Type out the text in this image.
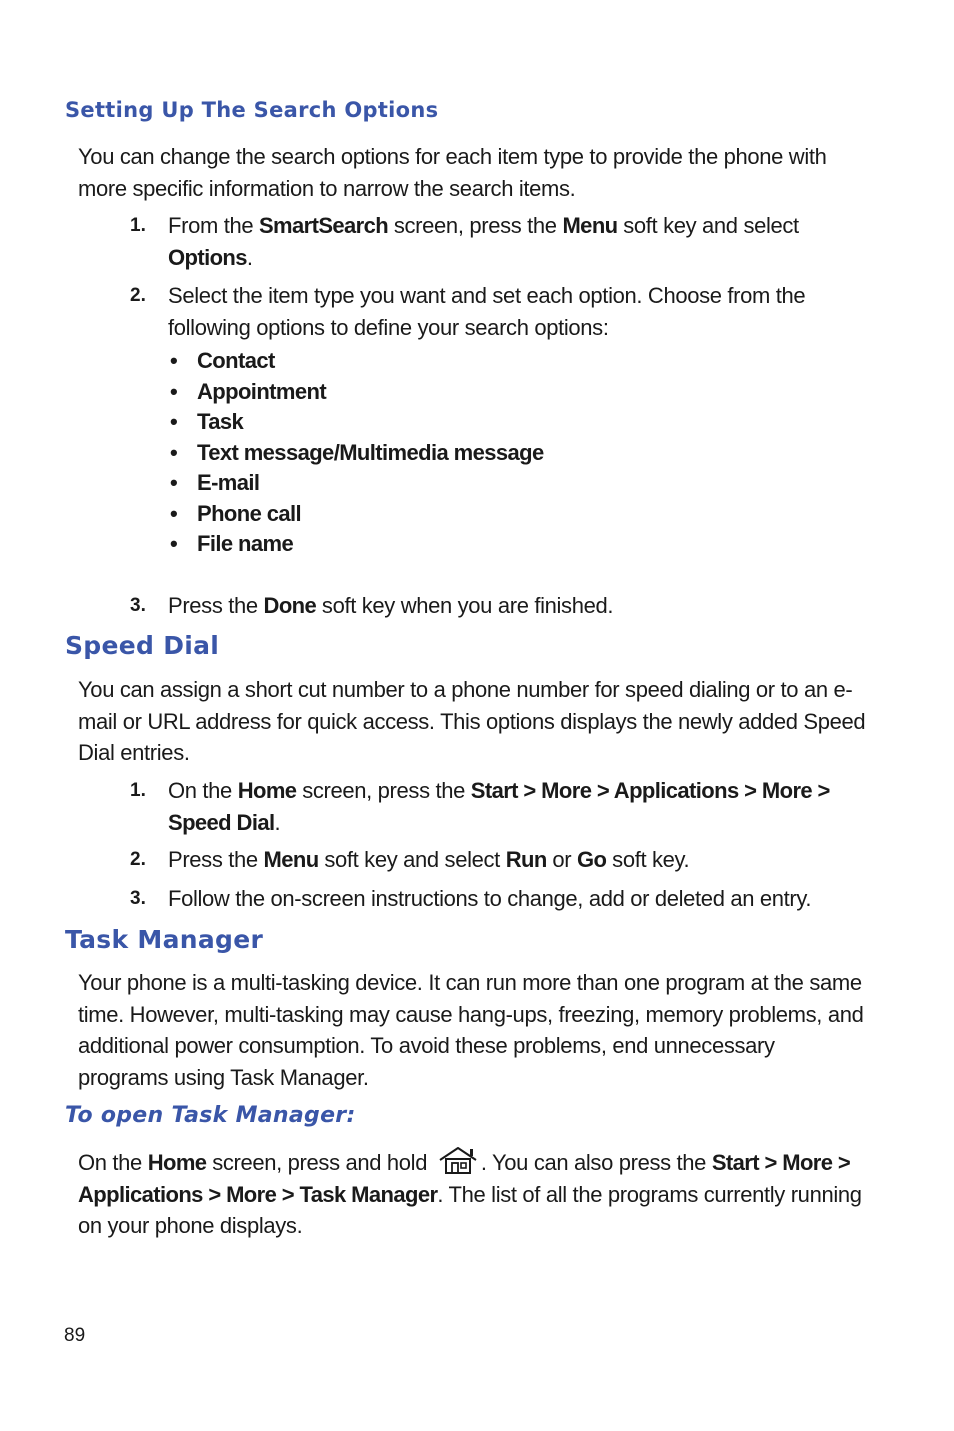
Setting Up The Search Options

You can change the search options for each item type to provide the phone with more specific information to narrow the search items.

1. From the SmartSearch screen, press the Menu soft key and select Options.

2. Select the item type you want and set each option. Choose from the following options to define your search options:

• Contact
• Appointment
• Task
• Text message/Multimedia message
• E-mail
• Phone call
• File name
3. Press the Done soft key when you are finished.

Speed Dial

You can assign a short cut number to a phone number for speed dialing or to an e-mail or URL address for quick access. This options displays the newly added Speed Dial entries.

1. On the Home screen, press the Start > More > Applications > More > Speed Dial.

2. Press the Menu soft key and select Run or Go soft key.

3. Follow the on-screen instructions to change, add or deleted an entry.

Task Manager

Your phone is a multi-tasking device. It can run more than one program at the same time. However, multi-tasking may cause hang-ups, freezing, memory problems, and additional power consumption. To avoid these problems, end unnecessary programs using Task Manager.

To open Task Manager:

On the Home screen, press and hold . You can also press the Start > More > Applications > More > Task Manager. The list of all the programs currently running on your phone displays.

89
